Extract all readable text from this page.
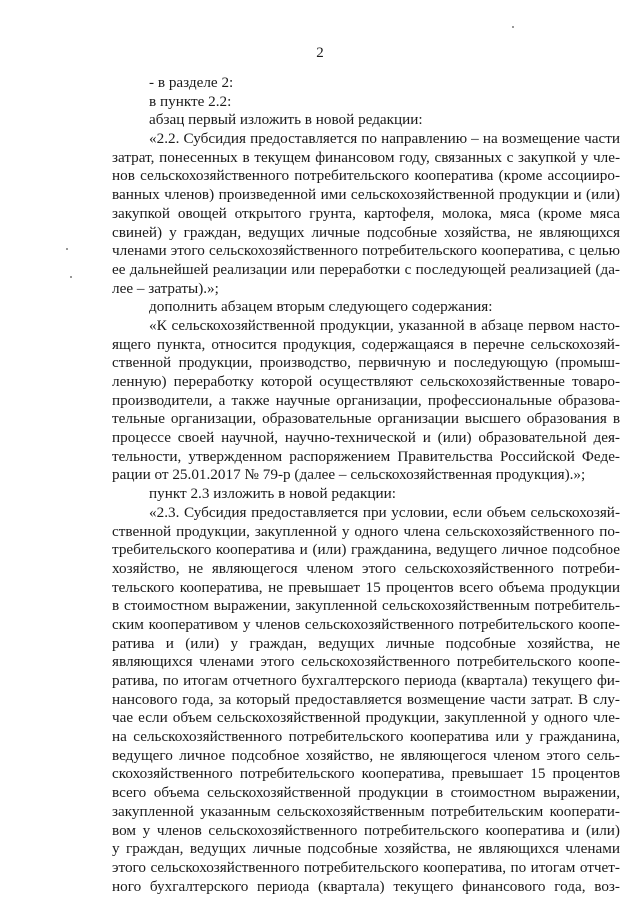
2
- в разделе 2:
в пункте 2.2:
абзац первый изложить в новой редакции:
«2.2. Субсидия предоставляется по направлению – на возмещение части
затрат, понесенных в текущем финансовом году, связанных с закупкой у чле-
нов сельскохозяйственного потребительского кооператива (кроме ассоцииро-
ванных членов) произведенной ими сельскохозяйственной продукции и (или)
закупкой овощей открытого грунта, картофеля, молока, мяса (кроме мяса
свиней) у граждан, ведущих личные подсобные хозяйства, не являющихся
членами этого сельскохозяйственного потребительского кооператива, с целью
ее дальнейшей реализации или переработки с последующей реализацией (да-
лее – затраты).»;
дополнить абзацем вторым следующего содержания:
«К сельскохозяйственной продукции, указанной в абзаце первом насто-
ящего пункта, относится продукция, содержащаяся в перечне сельскохозяй-
ственной продукции, производство, первичную и последующую (промыш-
ленную) переработку которой осуществляют сельскохозяйственные товаро-
производители, а также научные организации, профессиональные образова-
тельные организации, образовательные организации высшего образования в
процессе своей научной, научно-технической и (или) образовательной дея-
тельности, утвержденном распоряжением Правительства Российской Феде-
рации от 25.01.2017 № 79-р (далее – сельскохозяйственная продукция).»;
пункт 2.3 изложить в новой редакции:
«2.3. Субсидия предоставляется при условии, если объем сельскохозяй-
ственной продукции, закупленной у одного члена сельскохозяйственного по-
требительского кооператива и (или) гражданина, ведущего личное подсобное
хозяйство, не являющегося членом этого сельскохозяйственного потреби-
тельского кооператива, не превышает 15 процентов всего объема продукции
в стоимостном выражении, закупленной сельскохозяйственным потребитель-
ским кооперативом у членов сельскохозяйственного потребительского коопе-
ратива и (или) у граждан, ведущих личные подсобные хозяйства, не
являющихся членами этого сельскохозяйственного потребительского коопе-
ратива, по итогам отчетного бухгалтерского периода (квартала) текущего фи-
нансового года, за который предоставляется возмещение части затрат. В слу-
чае если объем сельскохозяйственной продукции, закупленной у одного чле-
на сельскохозяйственного потребительского кооператива или у гражданина,
ведущего личное подсобное хозяйство, не являющегося членом этого сель-
скохозяйственного потребительского кооператива, превышает 15 процентов
всего объема сельскохозяйственной продукции в стоимостном выражении,
закупленной указанным сельскохозяйственным потребительским кооперати-
вом у членов сельскохозяйственного потребительского кооператива и (или)
у граждан, ведущих личные подсобные хозяйства, не являющихся членами
этого сельскохозяйственного потребительского кооператива, по итогам отчет-
ного бухгалтерского периода (квартала) текущего финансового года, воз-
